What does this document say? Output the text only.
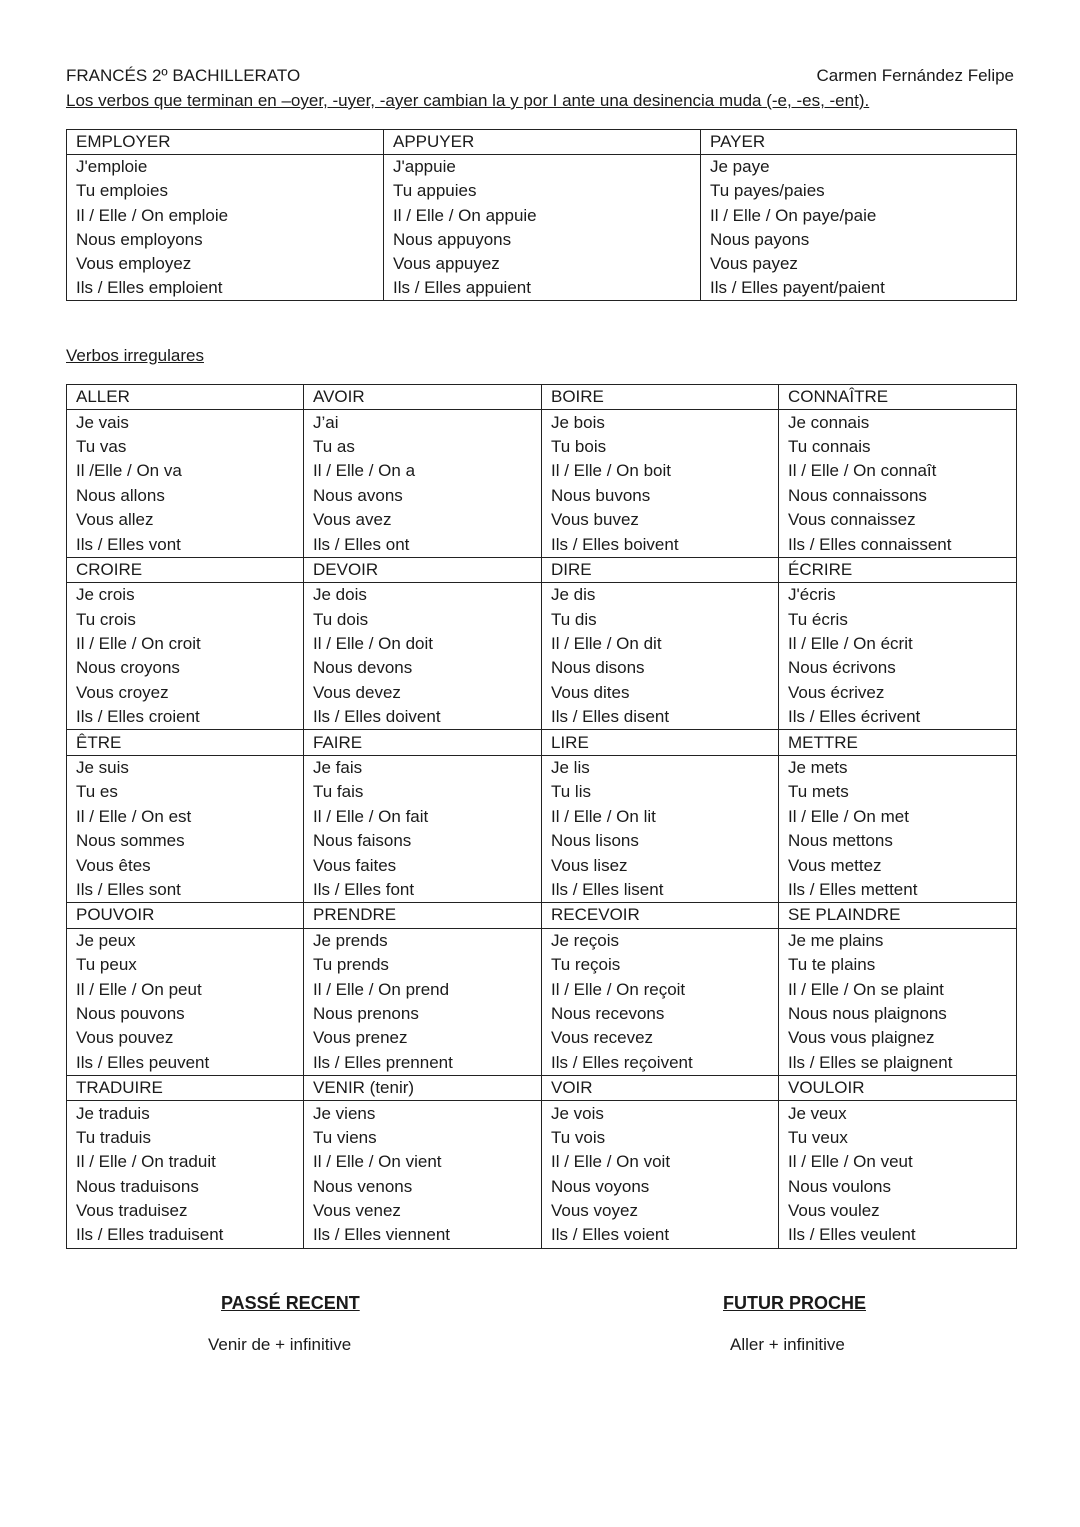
FRANCÉS 2º BACHILLERATO	Carmen Fernández Felipe
Los verbos que terminan en –oyer, -uyer, -ayer cambian la y por I ante una desinencia muda (-e, -es, -ent).
EMPLOYER	APPUYER	PAYER
J'emploie	J'appuie	Je paye
Tu emploies	Tu appuies	Tu payes/paies
Il / Elle / On emploie	Il / Elle / On appuie	Il / Elle / On paye/paie
Nous employons	Nous appuyons	Nous payons
Vous employez	Vous appuyez	Vous payez
Ils / Elles emploient	Ils / Elles appuient	Ils / Elles payent/paient
Verbos irregulares
ALLER	AVOIR	BOIRE	CONNAÎTRE
Je vais	J’ai	Je bois	Je connais
Tu vas	Tu as	Tu bois	Tu connais
Il /Elle / On va	Il / Elle / On a	Il / Elle / On boit	Il / Elle / On connaît
Nous allons	Nous avons	Nous buvons	Nous connaissons
Vous allez	Vous avez	Vous buvez	Vous connaissez
Ils / Elles vont	Ils / Elles ont	Ils / Elles boivent	Ils / Elles connaissent
CROIRE	DEVOIR	DIRE	ÉCRIRE
Je crois	Je dois	Je dis	J'écris
Tu crois	Tu dois	Tu dis	Tu écris
Il / Elle / On croit	Il / Elle / On doit	Il / Elle / On dit	Il / Elle / On écrit
Nous croyons	Nous devons	Nous disons	Nous écrivons
Vous croyez	Vous devez	Vous dites	Vous écrivez
Ils / Elles croient	Ils / Elles doivent	Ils / Elles disent	Ils / Elles écrivent
ÊTRE	FAIRE	LIRE	METTRE
Je suis	Je fais	Je lis	Je mets
Tu es	Tu fais	Tu lis	Tu mets
Il / Elle / On est	Il / Elle / On fait	Il / Elle / On lit	Il / Elle / On met
Nous sommes	Nous faisons	Nous lisons	Nous mettons
Vous êtes	Vous faites	Vous lisez	Vous mettez
Ils / Elles sont	Ils / Elles font	Ils / Elles lisent	Ils / Elles mettent
POUVOIR	PRENDRE	RECEVOIR	SE PLAINDRE
Je peux	Je prends	Je reçois	Je me plains
Tu peux	Tu prends	Tu reçois	Tu te plains
Il / Elle / On peut	Il / Elle / On prend	Il / Elle / On reçoit	Il / Elle / On se plaint
Nous pouvons	Nous prenons	Nous recevons	Nous nous plaignons
Vous pouvez	Vous prenez	Vous recevez	Vous vous plaignez
Ils / Elles peuvent	Ils / Elles prennent	Ils / Elles reçoivent	Ils / Elles se plaignent
TRADUIRE	VENIR (tenir)	VOIR	VOULOIR
Je traduis	Je viens	Je vois	Je veux
Tu traduis	Tu viens	Tu vois	Tu veux
Il / Elle / On traduit	Il / Elle / On vient	Il / Elle / On voit	Il / Elle / On veut
Nous traduisons	Nous venons	Nous voyons	Nous voulons
Vous traduisez	Vous venez	Vous voyez	Vous voulez
Ils / Elles traduisent	Ils / Elles viennent	Ils / Elles voient	Ils / Elles veulent
PASSÉ RECENT
Venir de + infinitive
FUTUR PROCHE
Aller + infinitive
